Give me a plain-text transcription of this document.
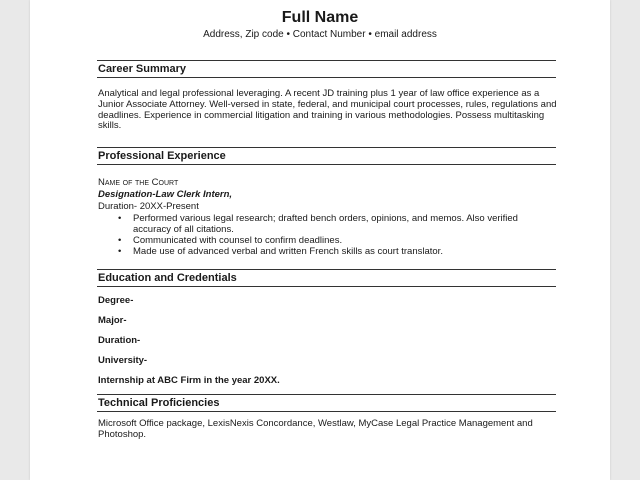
Full Name
Address, Zip code • Contact Number • email address
Career Summary
Analytical and legal professional leveraging. A recent JD training plus 1 year of law office experience as a Junior Associate Attorney. Well-versed in state, federal, and municipal court processes, rules, regulations and deadlines. Experience in commercial litigation and training in various methodologies. Possess multitasking skills.
Professional Experience
Name of the Court
Designation-Law Clerk Intern,
Duration- 20XX-Present
• Performed various legal research; drafted bench orders, opinions, and memos. Also verified accuracy of all citations.
• Communicated with counsel to confirm deadlines.
• Made use of advanced verbal and written French skills as court translator.
Education and Credentials
Degree-
Major-
Duration-
University-
Internship at ABC Firm in the year 20XX.
Technical Proficiencies
Microsoft Office package, LexisNexis Concordance, Westlaw, MyCase Legal Practice Management and Photoshop.
